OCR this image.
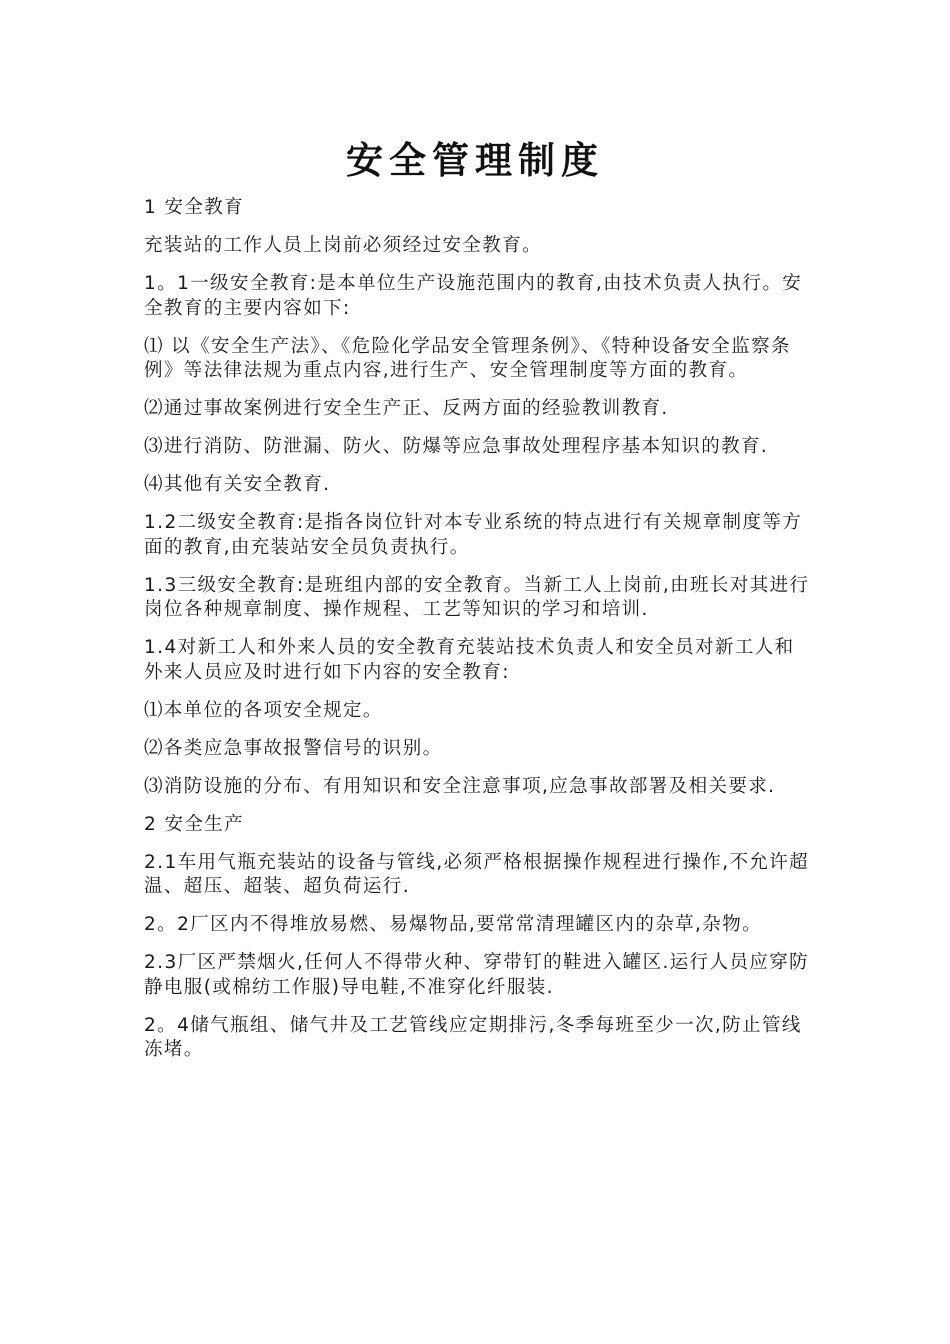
安全管理制度

1 安全教育

充装站的工作人员上岗前必须经过安全教育。

1。1一级安全教育:是本单位生产设施范围内的教育,由技术负责人执行。安全教育的主要内容如下:

⑴ 以《安全生产法》、《危险化学品安全管理条例》、《特种设备安全监察条例》等法律法规为重点内容,进行生产、安全管理制度等方面的教育。

⑵通过事故案例进行安全生产正、反两方面的经验教训教育.

⑶进行消防、防泄漏、防火、防爆等应急事故处理程序基本知识的教育.

⑷其他有关安全教育.

1.2二级安全教育:是指各岗位针对本专业系统的特点进行有关规章制度等方面的教育,由充装站安全员负责执行。

1.3三级安全教育:是班组内部的安全教育。当新工人上岗前,由班长对其进行岗位各种规章制度、操作规程、工艺等知识的学习和培训.

1.4对新工人和外来人员的安全教育充装站技术负责人和安全员对新工人和外来人员应及时进行如下内容的安全教育:

⑴本单位的各项安全规定。

⑵各类应急事故报警信号的识别。

⑶消防设施的分布、有用知识和安全注意事项,应急事故部署及相关要求.

2 安全生产

2.1车用气瓶充装站的设备与管线,必须严格根据操作规程进行操作,不允许超温、超压、超装、超负荷运行.

2。2厂区内不得堆放易燃、易爆物品,要常常清理罐区内的杂草,杂物。

2.3厂区严禁烟火,任何人不得带火种、穿带钉的鞋进入罐区.运行人员应穿防静电服(或棉纺工作服)导电鞋,不准穿化纤服装.

2。4储气瓶组、储气井及工艺管线应定期排污,冬季每班至少一次,防止管线冻堵。
